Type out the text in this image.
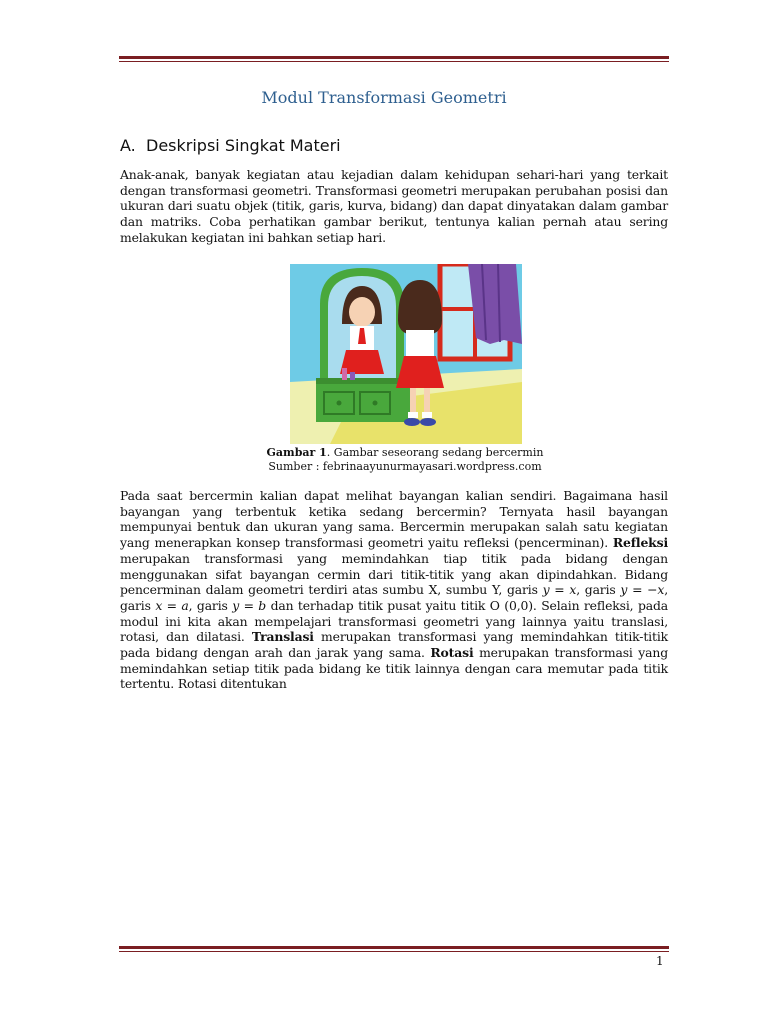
Modul Transformasi Geometri
A. Deskripsi Singkat Materi
Anak-anak, banyak kegiatan atau kejadian dalam kehidupan sehari-hari yang terkait dengan transformasi geometri. Transformasi geometri merupakan perubahan posisi dan ukuran dari suatu objek (titik, garis, kurva, bidang) dan dapat dinyatakan dalam gambar dan matriks. Coba perhatikan gambar berikut, tentunya kalian pernah atau sering melakukan kegiatan ini bahkan setiap hari.
Gambar 1. Gambar seseorang sedang bercermin
Sumber : febrinaayunurmayasari.wordpress.com
Pada saat bercermin kalian dapat melihat bayangan kalian sendiri. Bagaimana hasil bayangan yang terbentuk ketika sedang bercermin? Ternyata hasil bayangan mempunyai bentuk dan ukuran yang sama. Bercermin merupakan salah satu kegiatan yang menerapkan konsep transformasi geometri yaitu refleksi (pencerminan). Refleksi merupakan transformasi yang memindahkan tiap titik pada bidang dengan menggunakan sifat bayangan cermin dari titik-titik yang akan dipindahkan. Bidang pencerminan dalam geometri terdiri atas sumbu X, sumbu Y, garis y = x, garis y = −x, garis x = a, garis y = b dan terhadap titik pusat yaitu titik O (0,0). Selain refleksi, pada modul ini kita akan mempelajari transformasi geometri yang lainnya yaitu translasi, rotasi, dan dilatasi. Translasi merupakan transformasi yang memindahkan titik-titik pada bidang dengan arah dan jarak yang sama. Rotasi merupakan transformasi yang memindahkan setiap titik pada bidang ke titik lainnya dengan cara memutar pada titik tertentu. Rotasi ditentukan
1
